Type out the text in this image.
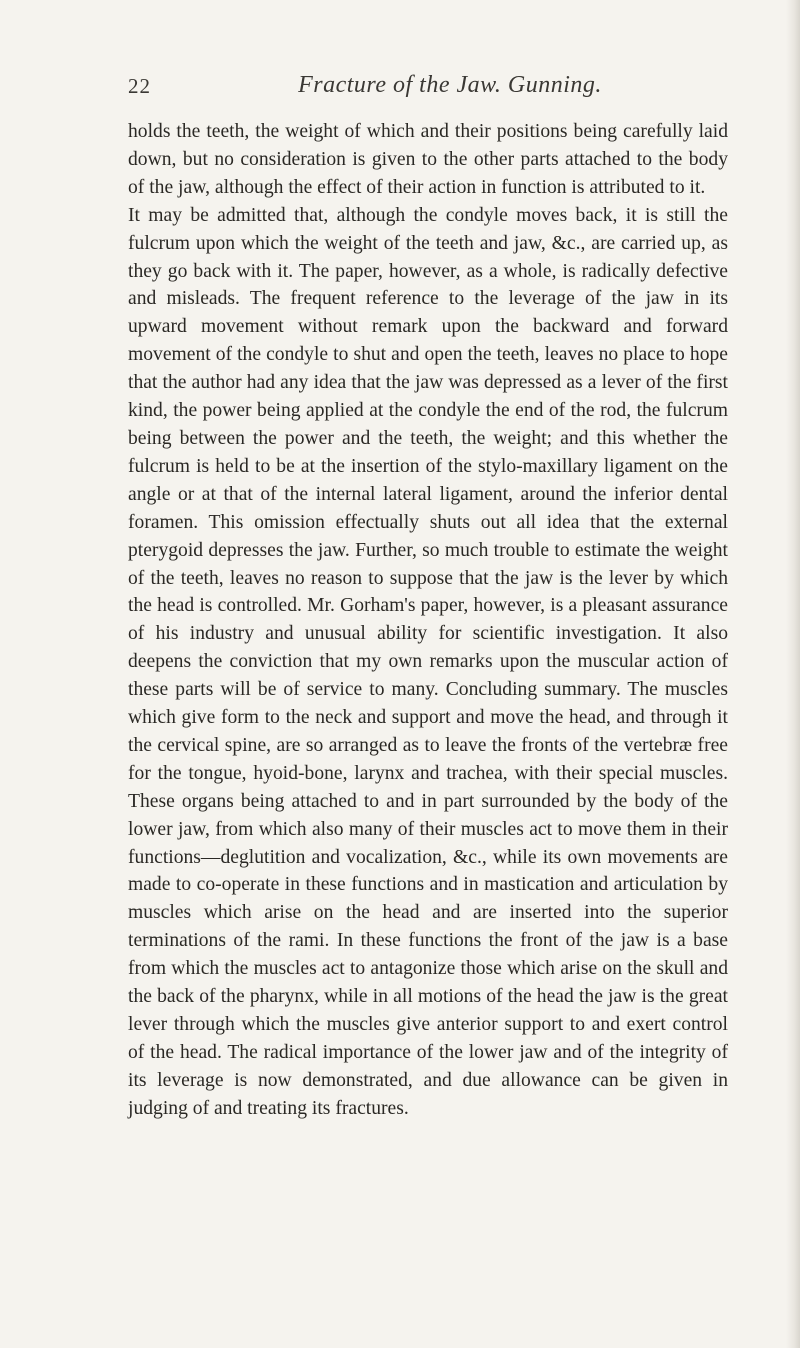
22	Fracture of the Jaw. Gunning.

holds the teeth, the weight of which and their positions being carefully laid down, but no consideration is given to the other parts attached to the body of the jaw, although the effect of their action in function is attributed to it.

It may be admitted that, although the condyle moves back, it is still the fulcrum upon which the weight of the teeth and jaw, &c., are carried up, as they go back with it. The paper, however, as a whole, is radically defective and misleads. The frequent reference to the leverage of the jaw in its upward movement without remark upon the backward and forward movement of the condyle to shut and open the teeth, leaves no place to hope that the author had any idea that the jaw was depressed as a lever of the first kind, the power being applied at the condyle the end of the rod, the fulcrum being between the power and the teeth, the weight; and this whether the fulcrum is held to be at the insertion of the stylo-maxillary ligament on the angle or at that of the internal lateral ligament, around the inferior dental foramen. This omission effectually shuts out all idea that the external pterygoid depresses the jaw. Further, so much trouble to estimate the weight of the teeth, leaves no reason to suppose that the jaw is the lever by which the head is controlled. Mr. Gorham's paper, however, is a pleasant assurance of his industry and unusual ability for scientific investigation. It also deepens the conviction that my own remarks upon the muscular action of these parts will be of service to many. Concluding summary. The muscles which give form to the neck and support and move the head, and through it the cervical spine, are so arranged as to leave the fronts of the vertebræ free for the tongue, hyoid-bone, larynx and trachea, with their special muscles. These organs being attached to and in part surrounded by the body of the lower jaw, from which also many of their muscles act to move them in their functions—deglutition and vocalization, &c., while its own movements are made to co-operate in these functions and in mastication and articulation by muscles which arise on the head and are inserted into the superior terminations of the rami. In these functions the front of the jaw is a base from which the muscles act to antagonize those which arise on the skull and the back of the pharynx, while in all motions of the head the jaw is the great lever through which the muscles give anterior support to and exert control of the head. The radical importance of the lower jaw and of the integrity of its leverage is now demonstrated, and due allowance can be given in judging of and treating its fractures.
